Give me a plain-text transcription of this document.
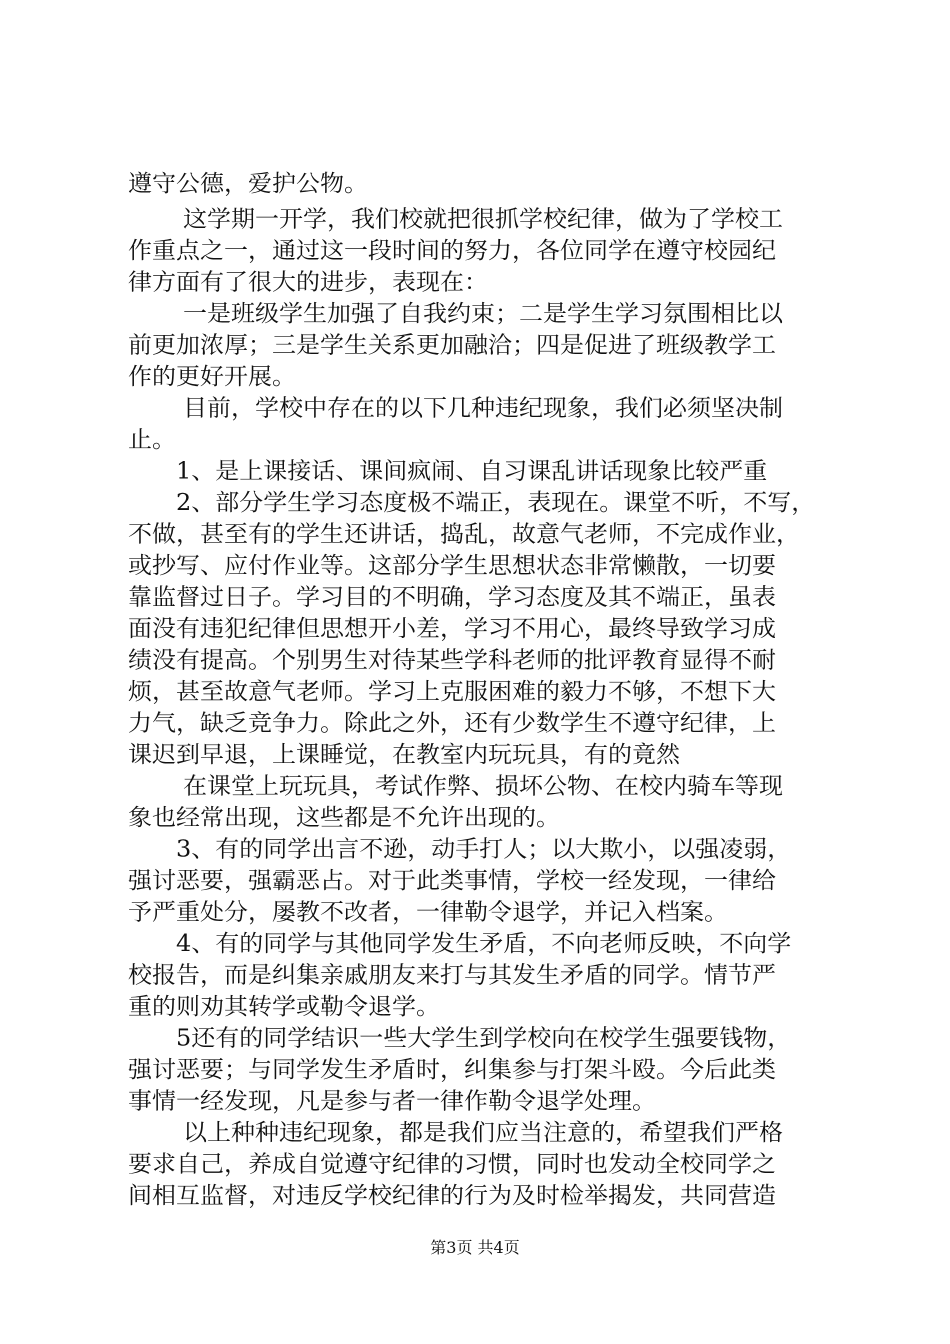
遵守公德，爱护公物。
这学期一开学，我们校就把很抓学校纪律，做为了学校工
作重点之一，通过这一段时间的努力，各位同学在遵守校园纪
律方面有了很大的进步，表现在：
一是班级学生加强了自我约束；二是学生学习氛围相比以
前更加浓厚；三是学生关系更加融洽；四是促进了班级教学工
作的更好开展。
目前，学校中存在的以下几种违纪现象，我们必须坚决制
止。
1、是上课接话、课间疯闹、自习课乱讲话现象比较严重
2、部分学生学习态度极不端正，表现在。课堂不听，不写，
不做，甚至有的学生还讲话，捣乱，故意气老师，不完成作业，
或抄写、应付作业等。这部分学生思想状态非常懒散，一切要
靠监督过日子。学习目的不明确，学习态度及其不端正，虽表
面没有违犯纪律但思想开小差，学习不用心，最终导致学习成
绩没有提高。个别男生对待某些学科老师的批评教育显得不耐
烦，甚至故意气老师。学习上克服困难的毅力不够，不想下大
力气，缺乏竞争力。除此之外，还有少数学生不遵守纪律，上
课迟到早退，上课睡觉，在教室内玩玩具，有的竟然
在课堂上玩玩具，考试作弊、损坏公物、在校内骑车等现
象也经常出现，这些都是不允许出现的。
3、有的同学出言不逊，动手打人；以大欺小，以强凌弱，
强讨恶要，强霸恶占。对于此类事情，学校一经发现，一律给
予严重处分，屡教不改者，一律勒令退学，并记入档案。
4、有的同学与其他同学发生矛盾，不向老师反映，不向学
校报告，而是纠集亲戚朋友来打与其发生矛盾的同学。情节严
重的则劝其转学或勒令退学。
5还有的同学结识一些大学生到学校向在校学生强要钱物，
强讨恶要；与同学发生矛盾时，纠集参与打架斗殴。今后此类
事情一经发现，凡是参与者一律作勒令退学处理。
以上种种违纪现象，都是我们应当注意的，希望我们严格
要求自己，养成自觉遵守纪律的习惯，同时也发动全校同学之
间相互监督，对违反学校纪律的行为及时检举揭发，共同营造
第3页 共4页
